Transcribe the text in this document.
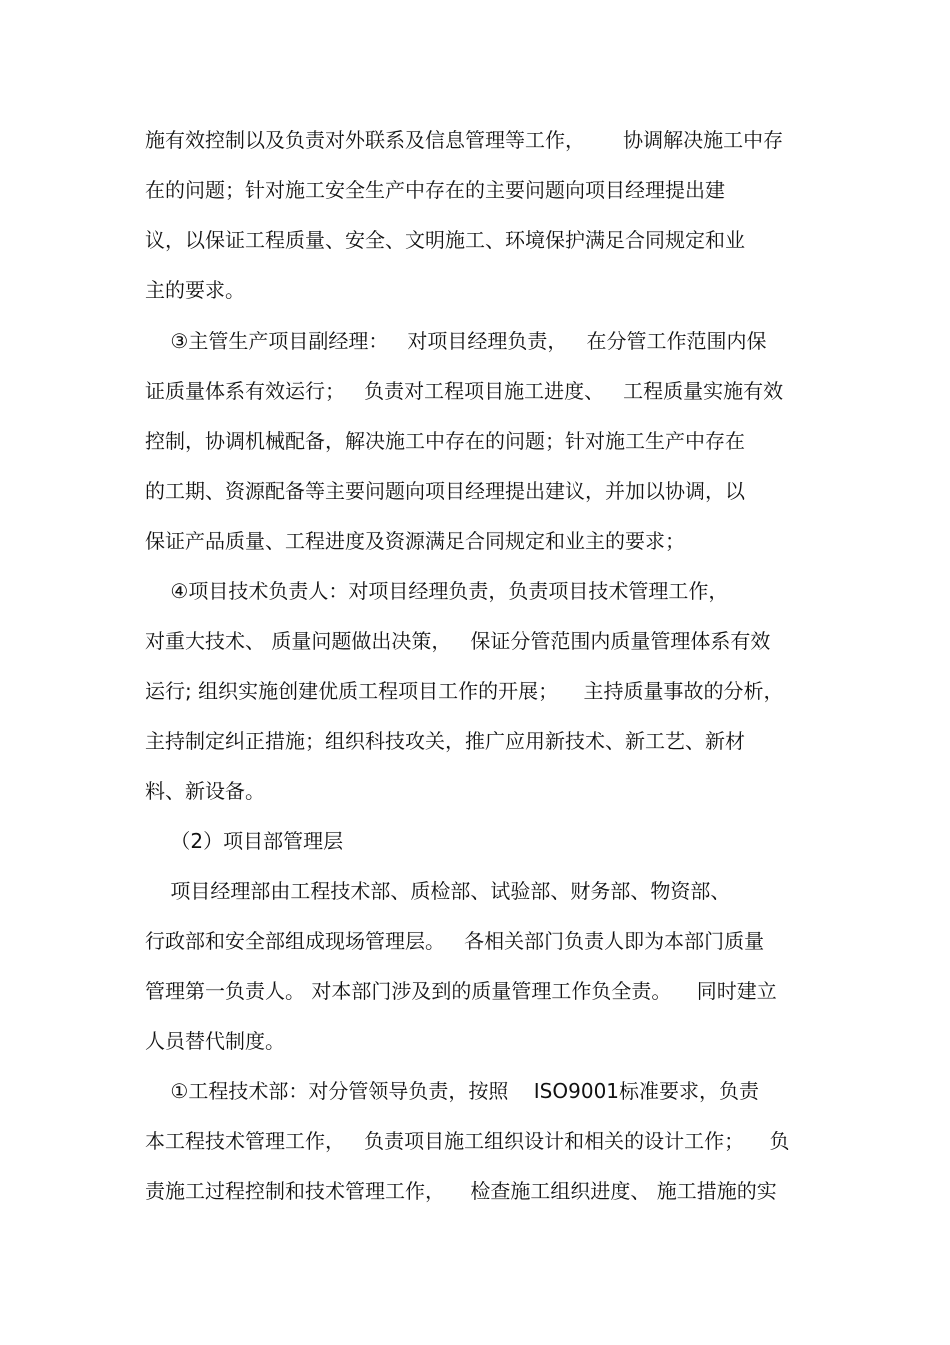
施有效控制以及负责对外联系及信息管理等工作，      协调解决施工中存
在的问题；针对施工安全生产中存在的主要问题向项目经理提出建
议，以保证工程质量、安全、文明施工、环境保护满足合同规定和业
主的要求。
③主管生产项目副经理：   对项目经理负责，   在分管工作范围内保
证质量体系有效运行；   负责对工程项目施工进度、   工程质量实施有效
控制，协调机械配备，解决施工中存在的问题；针对施工生产中存在
的工期、资源配备等主要问题向项目经理提出建议，并加以协调，以
保证产品质量、工程进度及资源满足合同规定和业主的要求；
④项目技术负责人：对项目经理负责，负责项目技术管理工作，
对重大技术、 质量问题做出决策，   保证分管范围内质量管理体系有效
运行; 组织实施创建优质工程项目工作的开展；    主持质量事故的分析，
主持制定纠正措施；组织科技攻关，推广应用新技术、新工艺、新材
料、新设备。
（2）项目部管理层
项目经理部由工程技术部、质检部、试验部、财务部、物资部、
行政部和安全部组成现场管理层。   各相关部门负责人即为本部门质量
管理第一负责人。 对本部门涉及到的质量管理工作负全责。    同时建立
人员替代制度。
①工程技术部：对分管领导负责，按照    ISO9001标准要求，负责
本工程技术管理工作，   负责项目施工组织设计和相关的设计工作；    负
责施工过程控制和技术管理工作，    检查施工组织进度、 施工措施的实
